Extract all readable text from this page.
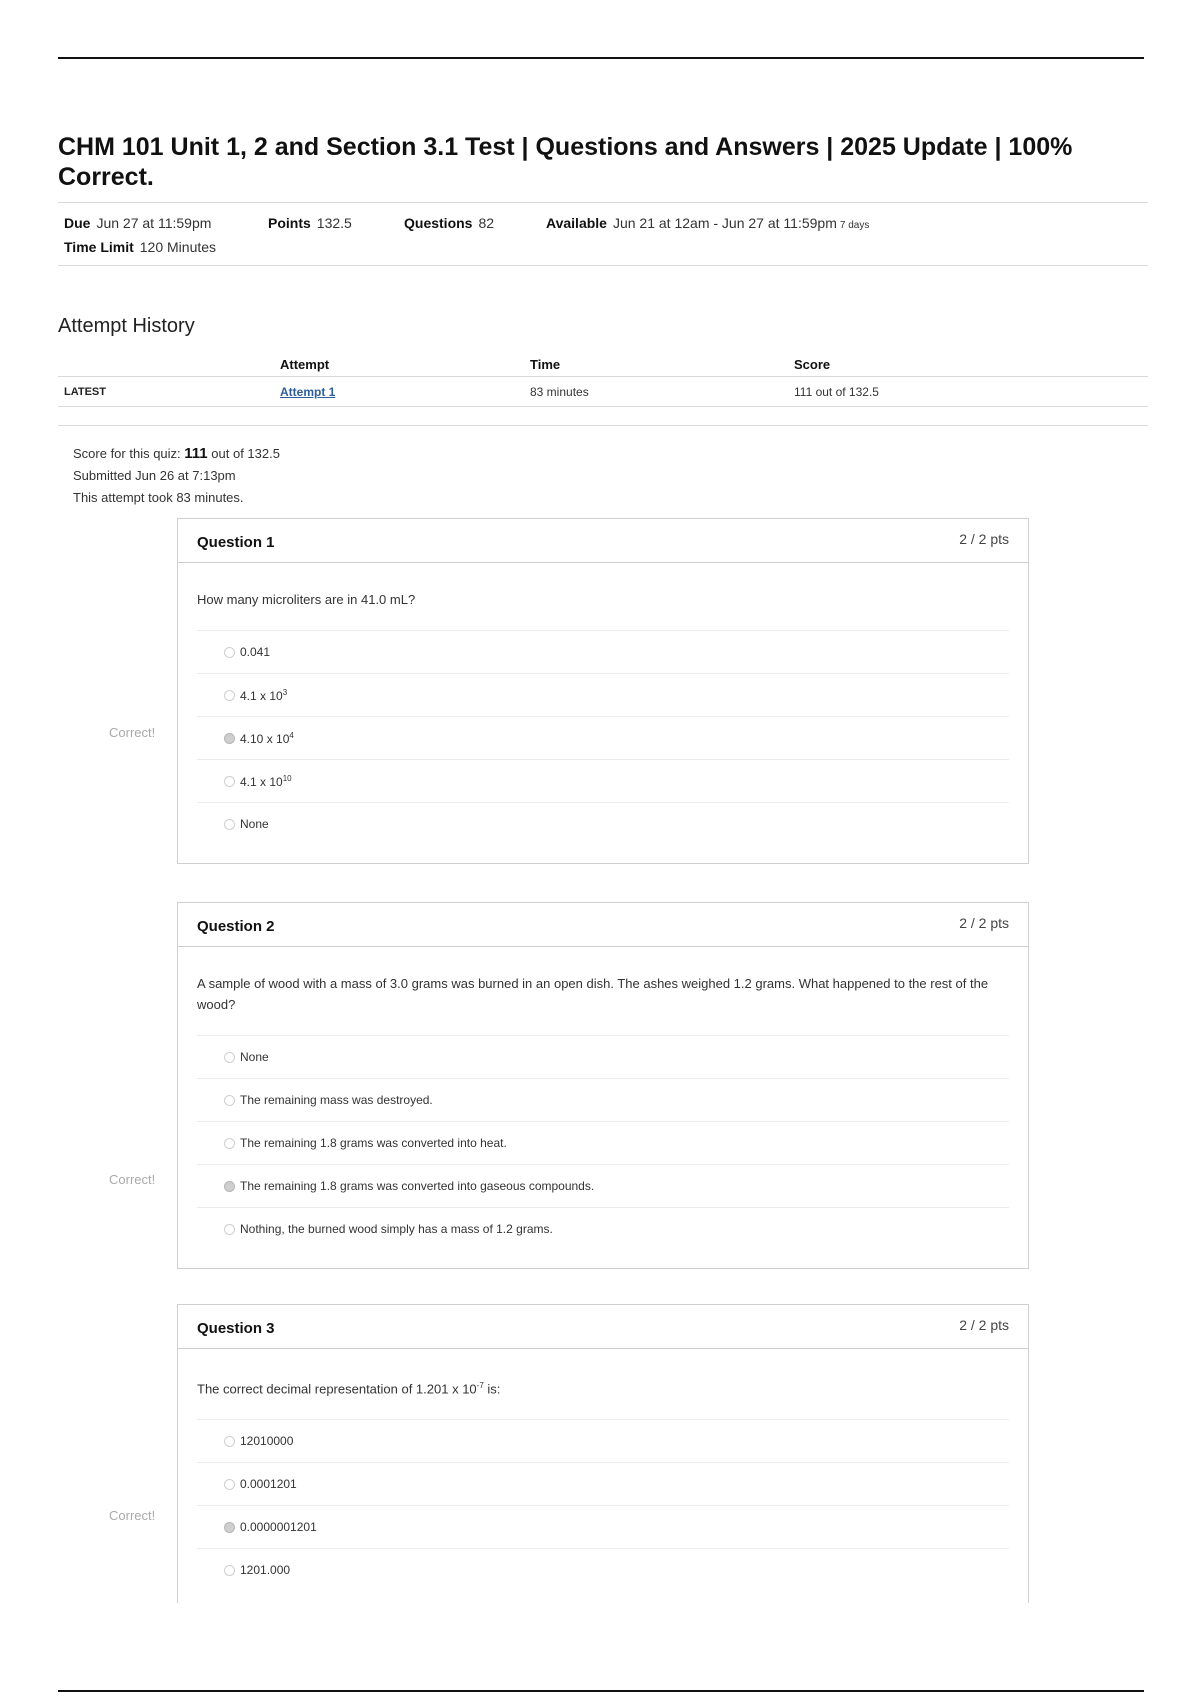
CHM 101 Unit 1, 2 and Section 3.1 Test | Questions and Answers | 2025 Update | 100% Correct.
Due Jun 27 at 11:59pm	Points 132.5	Questions 82	Available Jun 21 at 12am - Jun 27 at 11:59pm 7 days
Time Limit 120 Minutes
Attempt History
	Attempt	Time	Score
LATEST	Attempt 1	83 minutes	111 out of 132.5
Score for this quiz: 111 out of 132.5
Submitted Jun 26 at 7:13pm
This attempt took 83 minutes.
Correct!
Question 1	2 / 2 pts
How many microliters are in 41.0 mL?
0.041
4.1 x $10^3$
4.10 x $10^4$
4.1 x $10^{10}$
None
Correct!
Question 2	2 / 2 pts
A sample of wood with a mass of 3.0 grams was burned in an open dish. The ashes weighed 1.2 grams. What happened to the rest of the wood?
None
The remaining mass was destroyed.
The remaining 1.8 grams was converted into heat.
The remaining 1.8 grams was converted into gaseous compounds.
Nothing, the burned wood simply has a mass of 1.2 grams.
Correct!
Question 3	2 / 2 pts
The correct decimal representation of 1.201 x $10^{-7}$ is:
12010000
0.0001201
0.0000001201
1201.000
